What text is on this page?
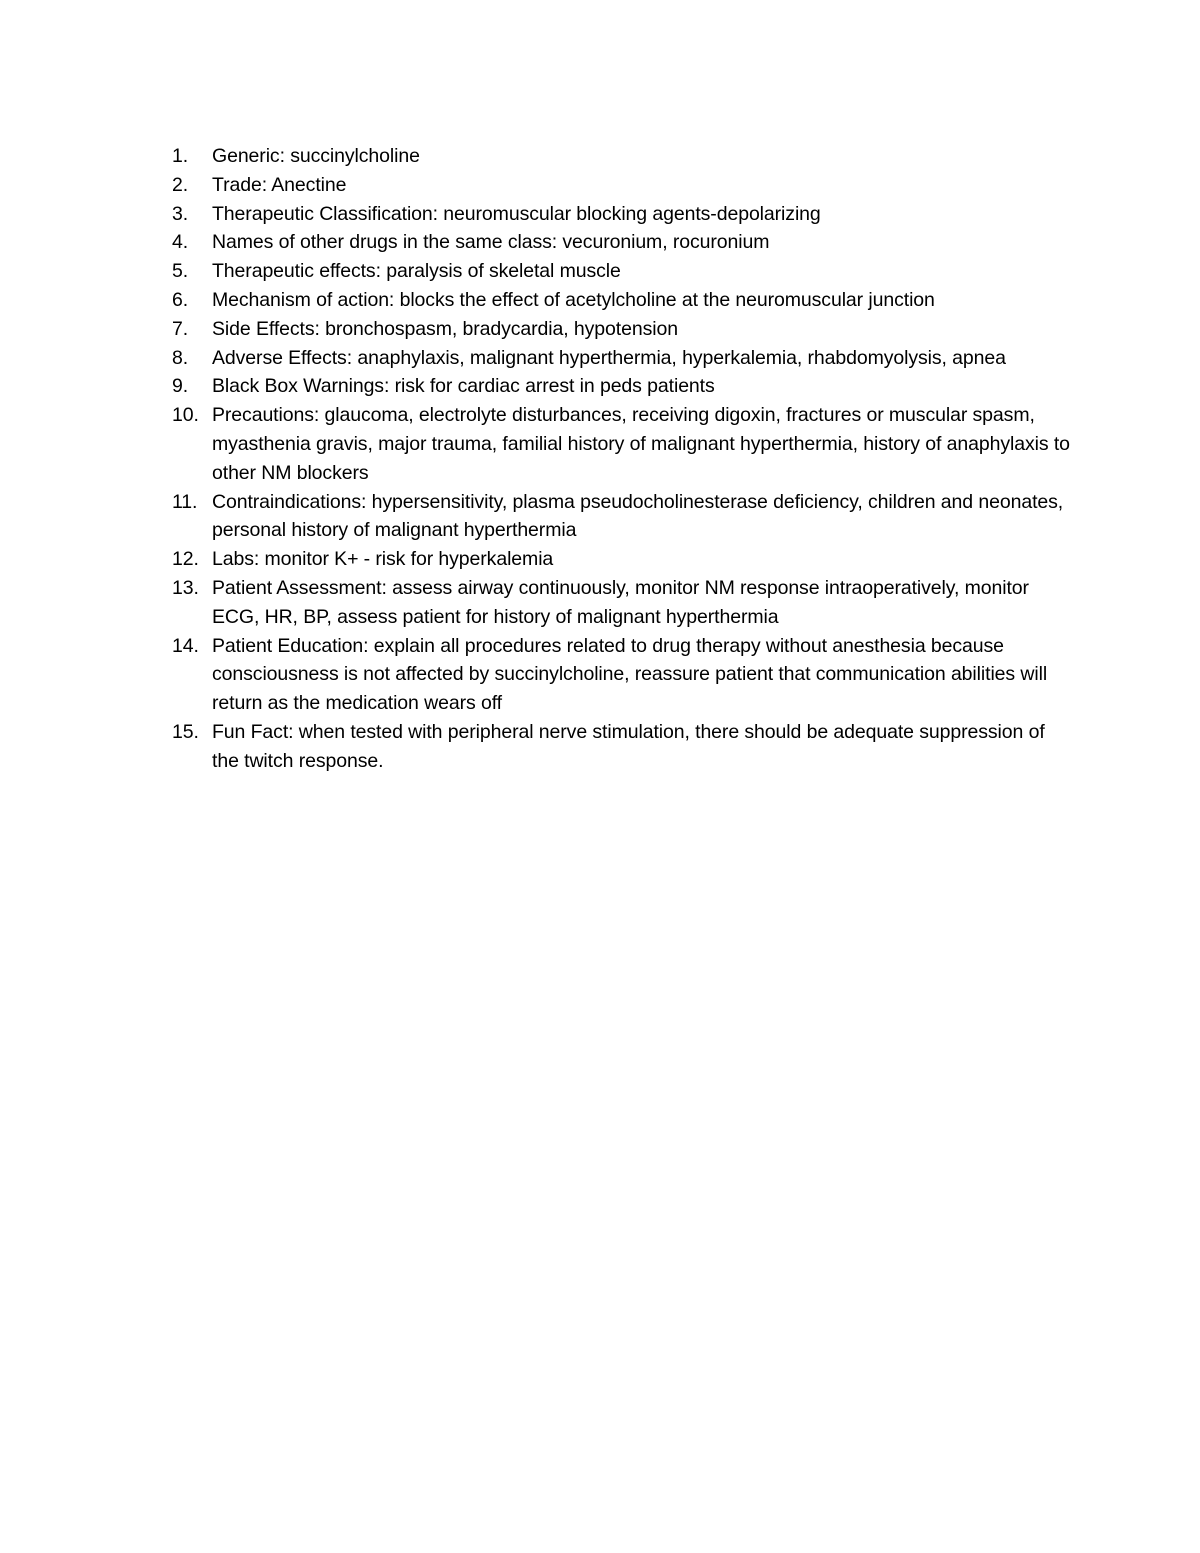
1.	Generic: succinylcholine
2.	Trade: Anectine
3.	Therapeutic Classification: neuromuscular blocking agents-depolarizing
4.	Names of other drugs in the same class: vecuronium, rocuronium
5.	Therapeutic effects: paralysis of skeletal muscle
6.	Mechanism of action: blocks the effect of acetylcholine at the neuromuscular junction
7.	Side Effects: bronchospasm, bradycardia, hypotension
8.	Adverse Effects: anaphylaxis, malignant hyperthermia, hyperkalemia, rhabdomyolysis, apnea
9.	Black Box Warnings: risk for cardiac arrest in peds patients
10. Precautions: glaucoma, electrolyte disturbances, receiving digoxin, fractures or muscular spasm, myasthenia gravis, major trauma, familial history of malignant hyperthermia, history of anaphylaxis to other NM blockers
11. Contraindications: hypersensitivity, plasma pseudocholinesterase deficiency, children and neonates, personal history of malignant hyperthermia
12. Labs: monitor K+ - risk for hyperkalemia
13. Patient Assessment: assess airway continuously, monitor NM response intraoperatively, monitor ECG, HR, BP, assess patient for history of malignant hyperthermia
14. Patient Education: explain all procedures related to drug therapy without anesthesia because consciousness is not affected by succinylcholine, reassure patient that communication abilities will return as the medication wears off
15. Fun Fact: when tested with peripheral nerve stimulation, there should be adequate suppression of the twitch response.
